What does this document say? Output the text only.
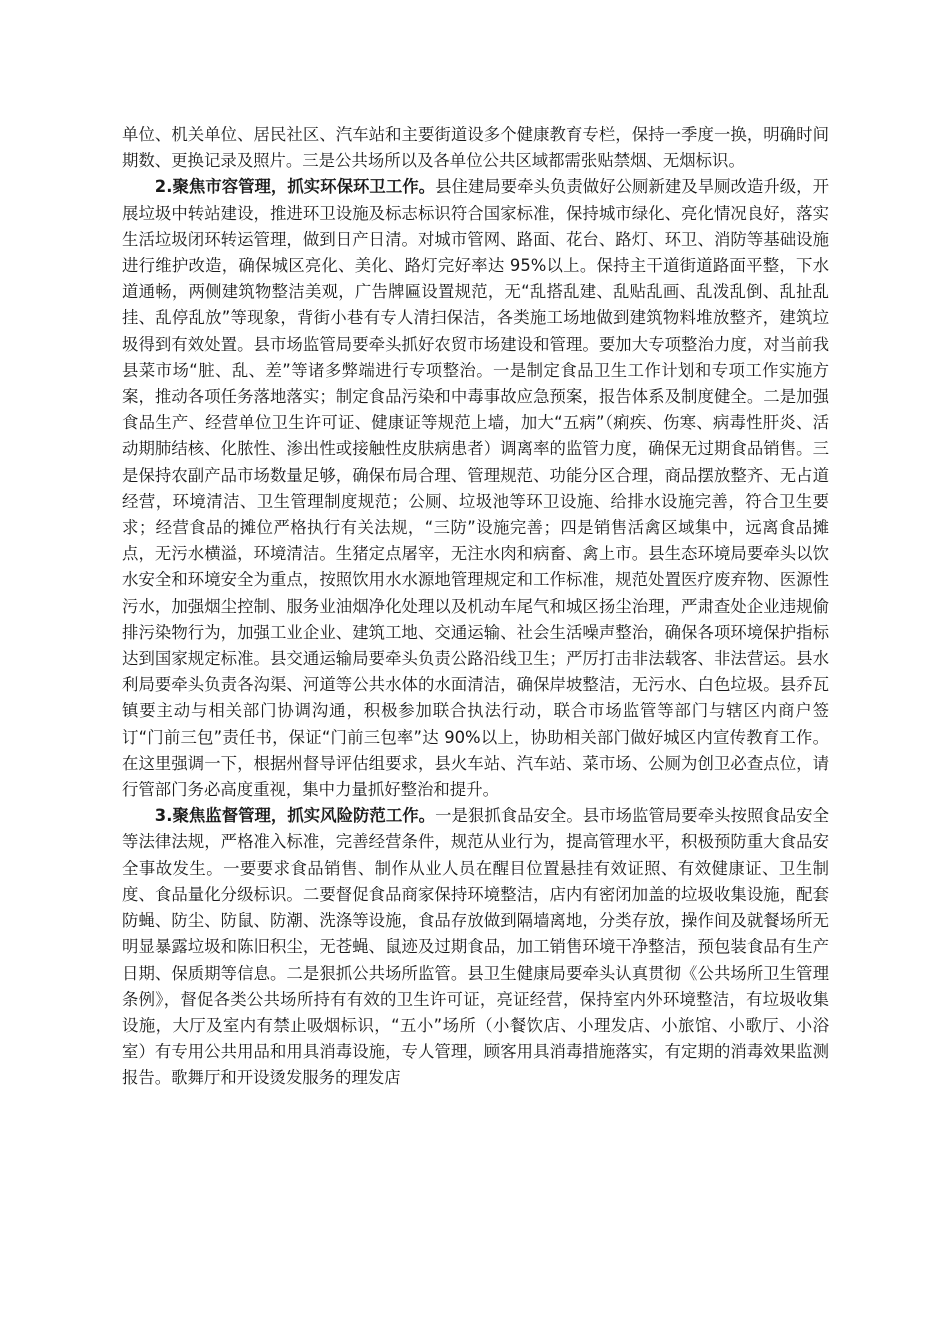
单位、机关单位、居民社区、汽车站和主要街道设多个健康教育专栏，保持一季度一换，明确时间期数、更换记录及照片。三是公共场所以及各单位公共区域都需张贴禁烟、无烟标识。

2.聚焦市容管理，抓实环保环卫工作。县住建局要牵头负责做好公厕新建及旱厕改造升级，开展垃圾中转站建设，推进环卫设施及标志标识符合国家标准，保持城市绿化、亮化情况良好，落实生活垃圾闭环转运管理，做到日产日清。对城市管网、路面、花台、路灯、环卫、消防等基础设施进行维护改造，确保城区亮化、美化、路灯完好率达 95%以上。保持主干道街道路面平整，下水道通畅，两侧建筑物整洁美观，广告牌匾设置规范，无“乱搭乱建、乱贴乱画、乱泼乱倒、乱扯乱挂、乱停乱放”等现象，背街小巷有专人清扫保洁，各类施工场地做到建筑物料堆放整齐，建筑垃圾得到有效处置。县市场监管局要牵头抓好农贸市场建设和管理。要加大专项整治力度，对当前我县菜市场“脏、乱、差”等诸多弊端进行专项整治。一是制定食品卫生工作计划和专项工作实施方案，推动各项任务落地落实；制定食品污染和中毒事故应急预案，报告体系及制度健全。二是加强食品生产、经营单位卫生许可证、健康证等规范上墙，加大“五病”（痢疾、伤寒、病毒性肝炎、活动期肺结核、化脓性、渗出性或接触性皮肤病患者）调离率的监管力度，确保无过期食品销售。三是保持农副产品市场数量足够，确保布局合理、管理规范、功能分区合理，商品摆放整齐、无占道经营，环境清洁、卫生管理制度规范；公厕、垃圾池等环卫设施、给排水设施完善，符合卫生要求；经营食品的摊位严格执行有关法规，“三防”设施完善；四是销售活禽区域集中，远离食品摊点，无污水横溢，环境清洁。生猪定点屠宰，无注水肉和病畜、禽上市。县生态环境局要牵头以饮水安全和环境安全为重点，按照饮用水水源地管理规定和工作标准，规范处置医疗废弃物、医源性污水，加强烟尘控制、服务业油烟净化处理以及机动车尾气和城区扬尘治理，严肃查处企业违规偷排污染物行为，加强工业企业、建筑工地、交通运输、社会生活噪声整治，确保各项环境保护指标达到国家规定标准。县交通运输局要牵头负责公路沿线卫生；严厉打击非法载客、非法营运。县水利局要牵头负责各沟渠、河道等公共水体的水面清洁，确保岸坡整洁，无污水、白色垃圾。县乔瓦镇要主动与相关部门协调沟通，积极参加联合执法行动，联合市场监管等部门与辖区内商户签订“门前三包”责任书，保证“门前三包率”达 90%以上，协助相关部门做好城区内宣传教育工作。在这里强调一下，根据州督导评估组要求，县火车站、汽车站、菜市场、公厕为创卫必查点位，请行管部门务必高度重视，集中力量抓好整治和提升。

3.聚焦监督管理，抓实风险防范工作。一是狠抓食品安全。县市场监管局要牵头按照食品安全等法律法规，严格准入标准，完善经营条件，规范从业行为，提高管理水平，积极预防重大食品安全事故发生。一要要求食品销售、制作从业人员在醒目位置悬挂有效证照、有效健康证、卫生制度、食品量化分级标识。二要督促食品商家保持环境整洁，店内有密闭加盖的垃圾收集设施，配套防蝇、防尘、防鼠、防潮、洗涤等设施，食品存放做到隔墙离地，分类存放，操作间及就餐场所无明显暴露垃圾和陈旧积尘，无苍蝇、鼠迹及过期食品，加工销售环境干净整洁，预包装食品有生产日期、保质期等信息。二是狠抓公共场所监管。县卫生健康局要牵头认真贯彻《公共场所卫生管理条例》，督促各类公共场所持有有效的卫生许可证，亮证经营，保持室内外环境整洁，有垃圾收集设施，大厅及室内有禁止吸烟标识，“五小”场所（小餐饮店、小理发店、小旅馆、小歌厅、小浴室）有专用公共用品和用具消毒设施，专人管理，顾客用具消毒措施落实，有定期的消毒效果监测报告。歌舞厅和开设烫发服务的理发店
